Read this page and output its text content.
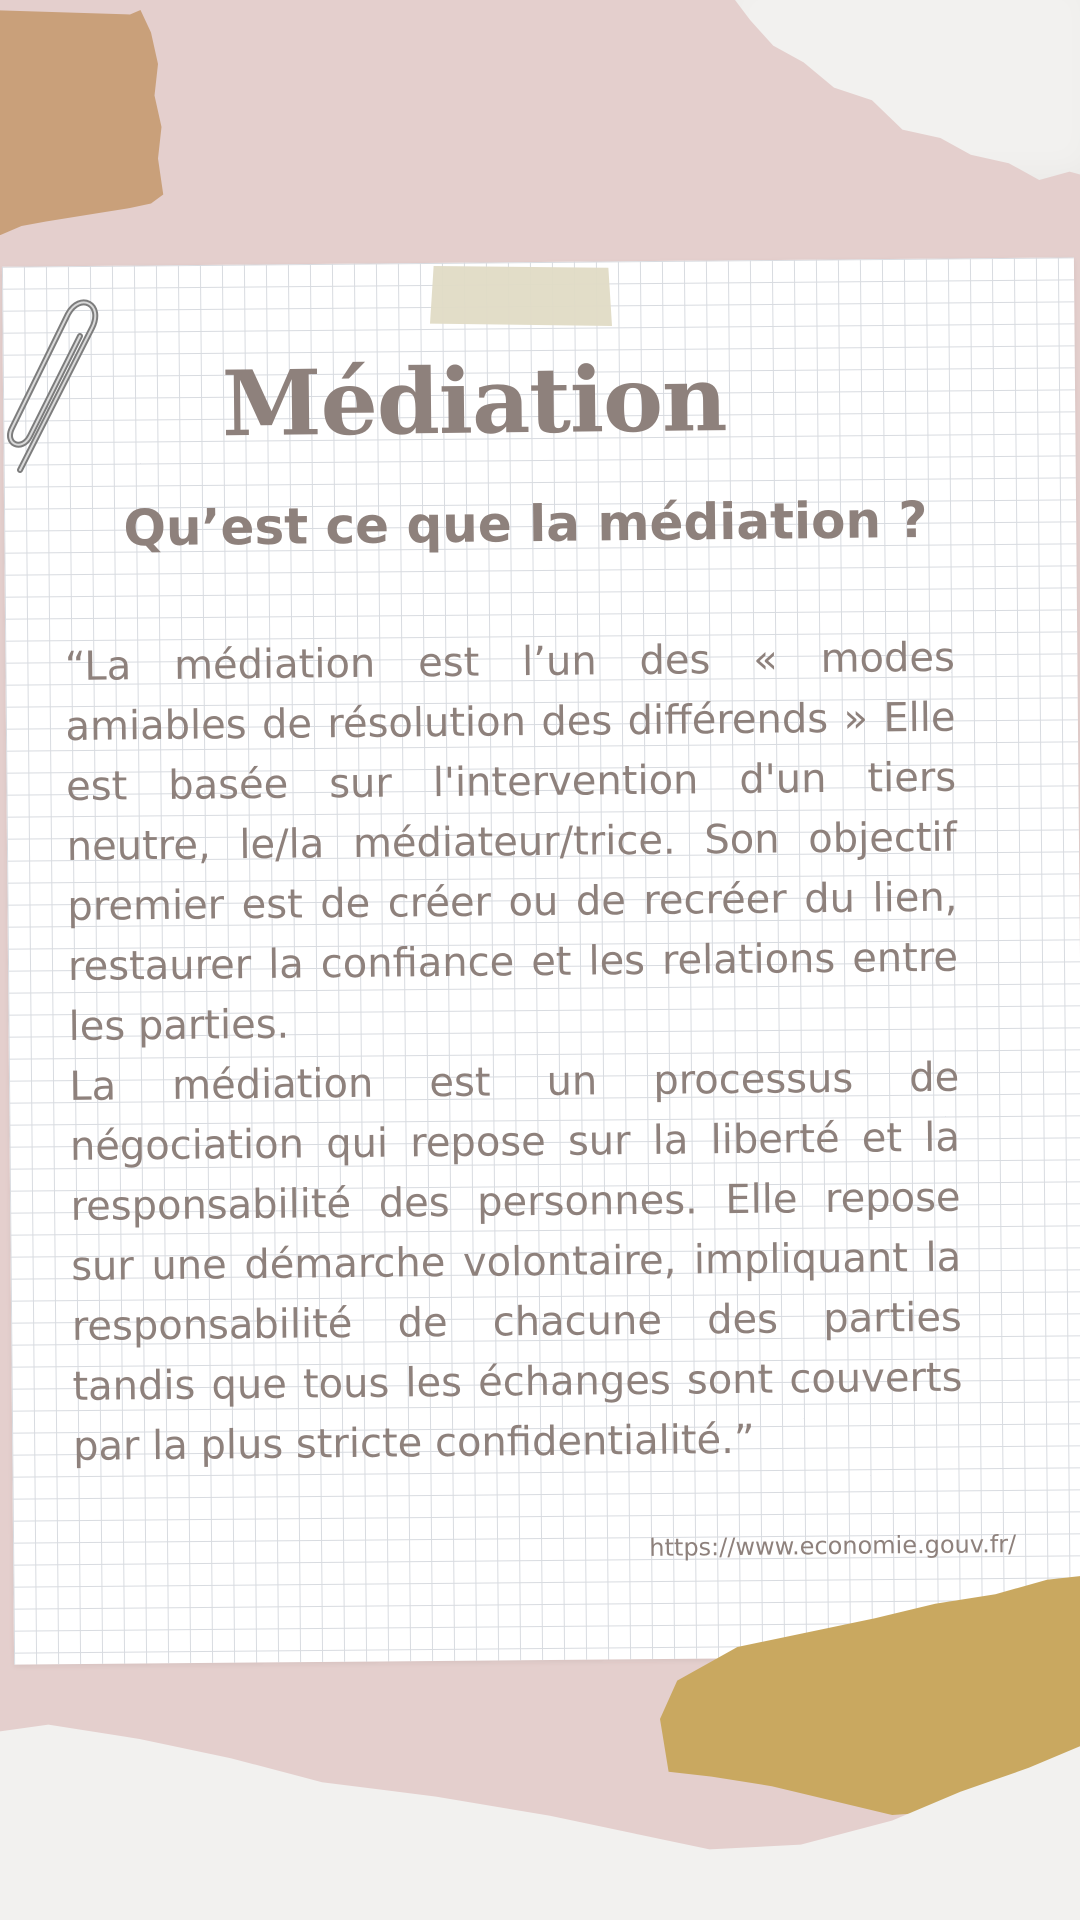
Médiation
Qu’est ce que la médiation ?

“La médiation est l’un des « modes amiables de résolution des différends » Elle est basée sur l'intervention d'un tiers neutre, le/la médiateur/trice. Son objectif premier est de créer ou de recréer du lien, restaurer la confiance et les relations entre les parties.

La médiation est un processus de négociation qui repose sur la liberté et la responsabilité des personnes. Elle repose sur une démarche volontaire, impliquant la responsabilité de chacune des parties tandis que tous les échanges sont couverts par la plus stricte confidentialité.”

https://www.economie.gouv.fr/
